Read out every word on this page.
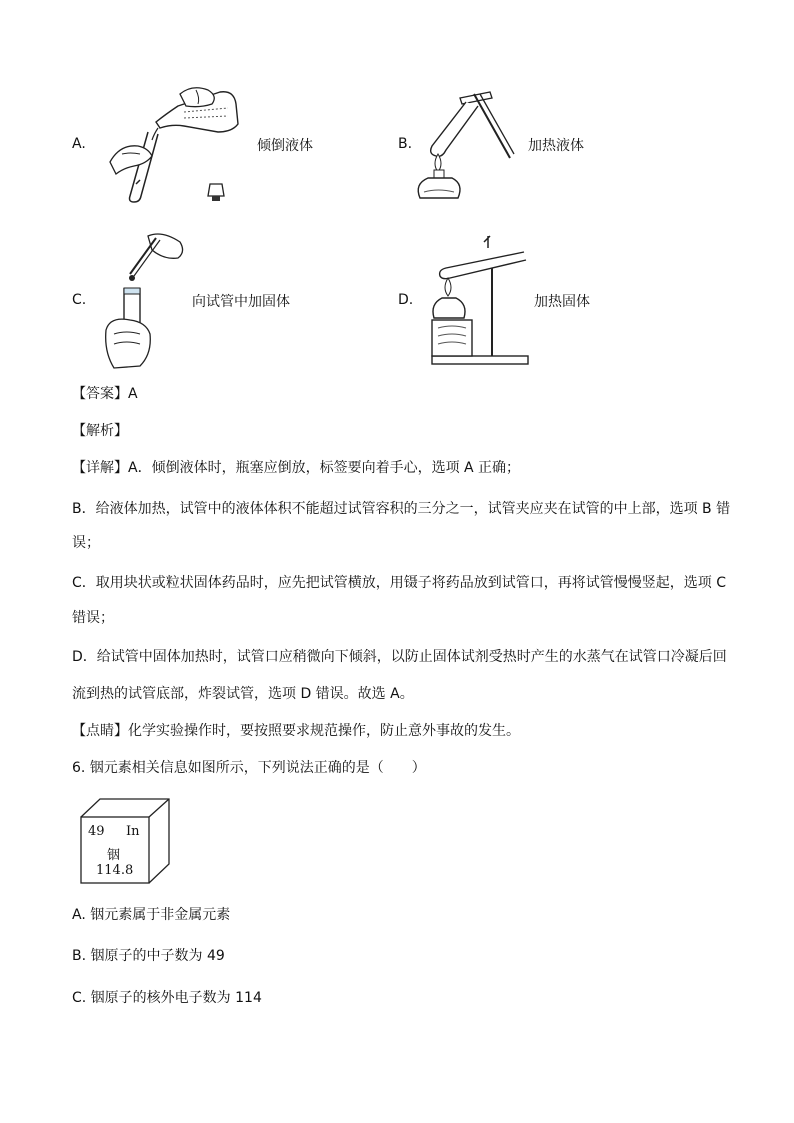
A.	倾倒液体	B.	加热液体
C.	向试管中加固体	D.	加热固体
【答案】A
【解析】
【详解】A．倾倒液体时，瓶塞应倒放，标签要向着手心，选项 A 正确；
B．给液体加热，试管中的液体体积不能超过试管容积的三分之一，试管夹应夹在试管的中上部，选项 B 错
误；
C．取用块状或粒状固体药品时，应先把试管横放，用镊子将药品放到试管口，再将试管慢慢竖起，选项 C
错误；
D．给试管中固体加热时，试管口应稍微向下倾斜，以防止固体试剂受热时产生的水蒸气在试管口冷凝后回
流到热的试管底部，炸裂试管，选项 D 错误。故选 A。
【点睛】化学实验操作时，要按照要求规范操作，防止意外事故的发生。
6. 铟元素相关信息如图所示，下列说法正确的是（　　）
49 In
铟
114.8
A. 铟元素属于非金属元素
B. 铟原子的中子数为 49
C. 铟原子的核外电子数为 114
